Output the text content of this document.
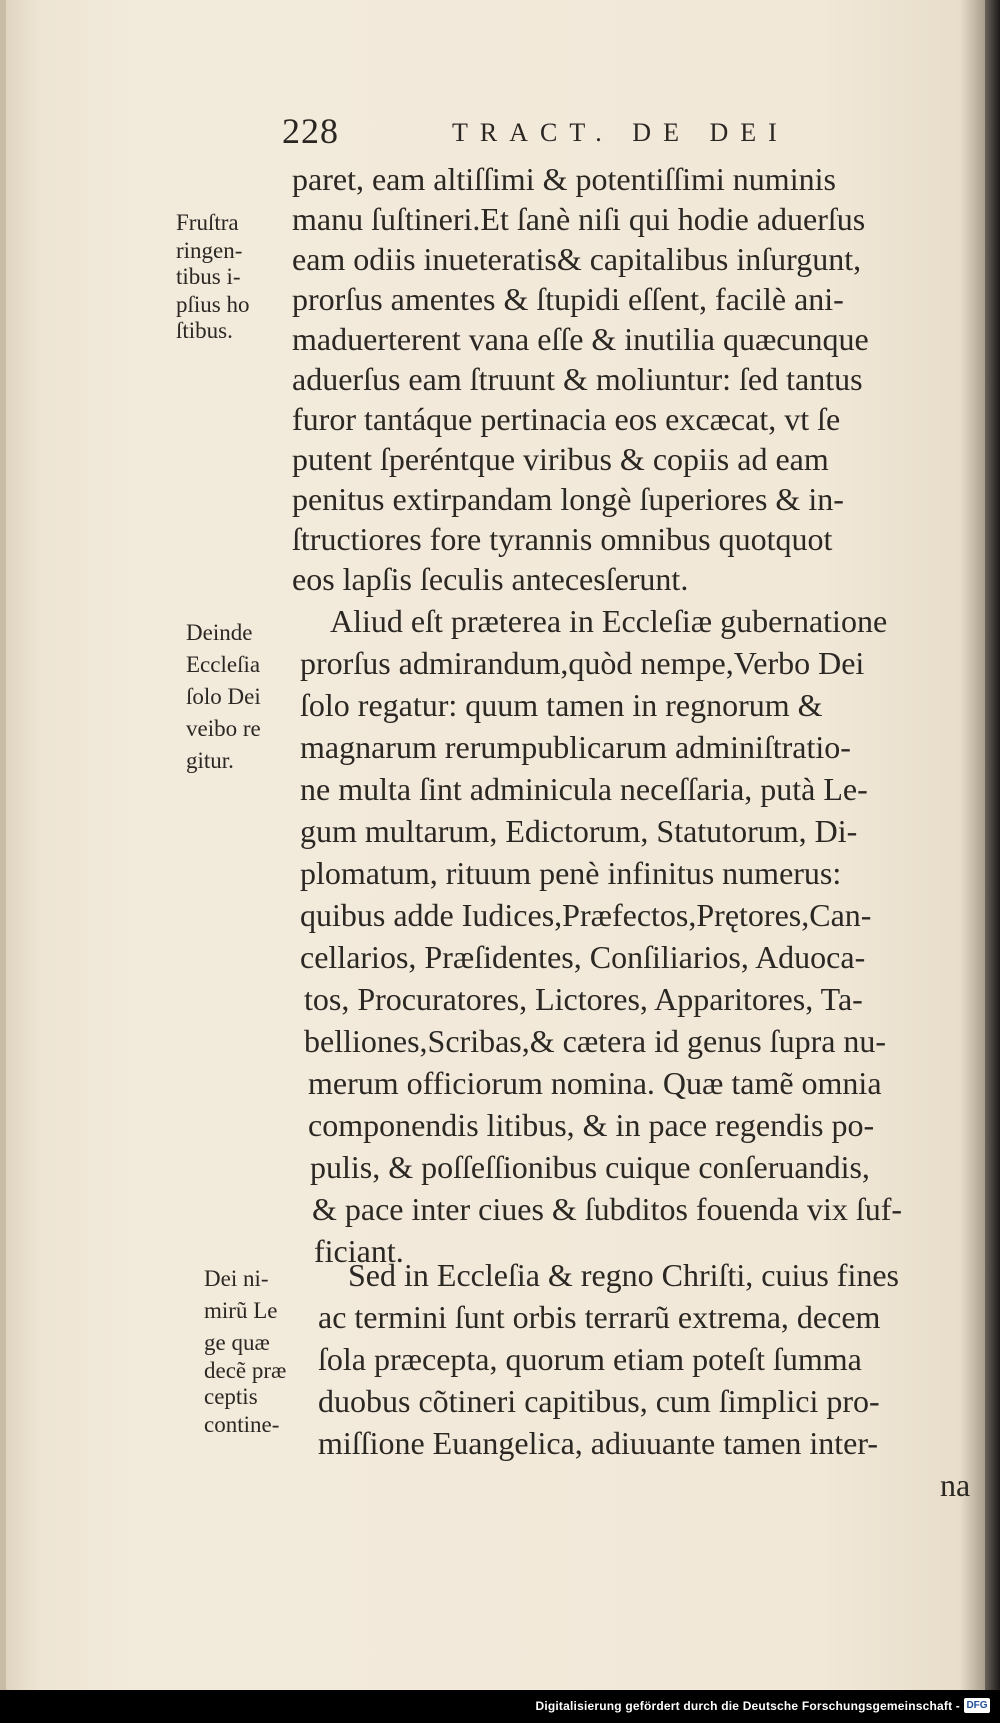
228	TRACT. DE DEI
Fruſtra
ringen-
tibus i-
pſius ho
ſtibus.
Deinde
Eccleſia
ſolo Dei
veibo re
gitur.
Dei ni-
mirũ Le
ge quæ
decẽ præ
ceptis
contine-
paret, eam altiſſimi & potentiſſimi numinis
manu ſuſtineri.Et ſanè niſi qui hodie aduerſus
eam odiis inueteratis& capitalibus inſurgunt,
prorſus amentes & ſtupidi eſſent, facilè ani-
maduerterent vana eſſe & inutilia quæcunque
aduerſus eam ſtruunt & moliuntur: ſed tantus
furor tantáque pertinacia eos excæcat, vt ſe
putent ſperéntque viribus & copiis ad eam
penitus extirpandam longè ſuperiores & in-
ſtructiores fore tyrannis omnibus quotquot
eos lapſis ſeculis antecesſerunt.
Aliud eſt præterea in Eccleſiæ gubernatione
prorſus admirandum,quòd nempe,Verbo Dei
ſolo regatur: quum tamen in regnorum &
magnarum rerumpublicarum adminiſtratio-
ne multa ſint adminicula neceſſaria, putà Le-
gum multarum, Edictorum, Statutorum, Di-
plomatum, rituum penè infinitus numerus:
quibus adde Iudices,Præfectos,Prętores,Can-
cellarios, Præſidentes, Conſiliarios, Aduoca-
tos, Procuratores, Lictores, Apparitores, Ta-
belliones,Scribas,& cætera id genus ſupra nu-
merum officiorum nomina. Quæ tamẽ omnia
componendis litibus, & in pace regendis po-
pulis, & poſſeſſionibus cuique conſeruandis,
& pace inter ciues & ſubditos fouenda vix ſuf-
ficiant.
Sed in Eccleſia & regno Chriſti, cuius fines
ac termini ſunt orbis terrarũ extrema, decem
ſola præcepta, quorum etiam poteſt ſumma
duobus cõtineri capitibus, cum ſimplici pro-
miſſione Euangelica, adiuuante tamen inter-
na
Digitalisierung gefördert durch die Deutsche Forschungsgemeinschaft - DFG
